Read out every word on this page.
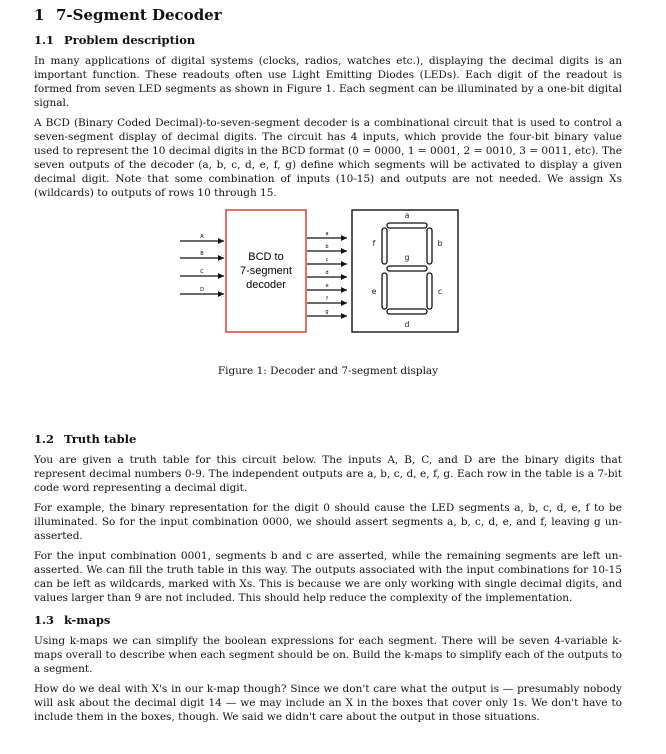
1 7-Segment Decoder
1.1 Problem description

In many applications of digital systems (clocks, radios, watches etc.), displaying the decimal digits is an important function. These readouts often use Light Emitting Diodes (LEDs). Each digit of the readout is formed from seven LED segments as shown in Figure 1. Each segment can be illuminated by a one-bit digital signal.

A BCD (Binary Coded Decimal)-to-seven-segment decoder is a combinational circuit that is used to control a seven-segment display of decimal digits. The circuit has 4 inputs, which provide the four-bit binary value used to represent the 10 decimal digits in the BCD format (0 = 0000, 1 = 0001, 2 = 0010, 3 = 0011, etc). The seven outputs of the decoder (a, b, c, d, e, f, g) define which segments will be activated to display a given decimal digit. Note that some combination of inputs (10-15) and outputs are not needed. We assign Xs (wildcards) to outputs of rows 10 through 15.

A
B
C
D
BCD to
7-segment
decoder
a
b
c
d
e
f
g
a
b
c
d
e
f
g
Figure 1: Decoder and 7-segment display
1.2 Truth table

You are given a truth table for this circuit below. The inputs A, B, C, and D are the binary digits that represent decimal numbers 0-9. The independent outputs are a, b, c, d, e, f, g. Each row in the table is a 7-bit code word representing a decimal digit.

For example, the binary representation for the digit 0 should cause the LED segments a, b, c, d, e, f to be illuminated. So for the input combination 0000, we should assert segments a, b, c, d, e, and f, leaving g un-asserted.

For the input combination 0001, segments b and c are asserted, while the remaining segments are left un-asserted. We can fill the truth table in this way. The outputs associated with the input combinations for 10-15 can be left as wildcards, marked with Xs. This is because we are only working with single decimal digits, and values larger than 9 are not included. This should help reduce the complexity of the implementation.

1.3 k-maps

Using k-maps we can simplify the boolean expressions for each segment. There will be seven 4-variable k-maps overall to describe when each segment should be on. Build the k-maps to simplify each of the outputs to a segment.

How do we deal with X's in our k-map though? Since we don't care what the output is — presumably nobody will ask about the decimal digit 14 — we may include an X in the boxes that cover only 1s. We don't have to include them in the boxes, though. We said we didn't care about the output in those situations.
